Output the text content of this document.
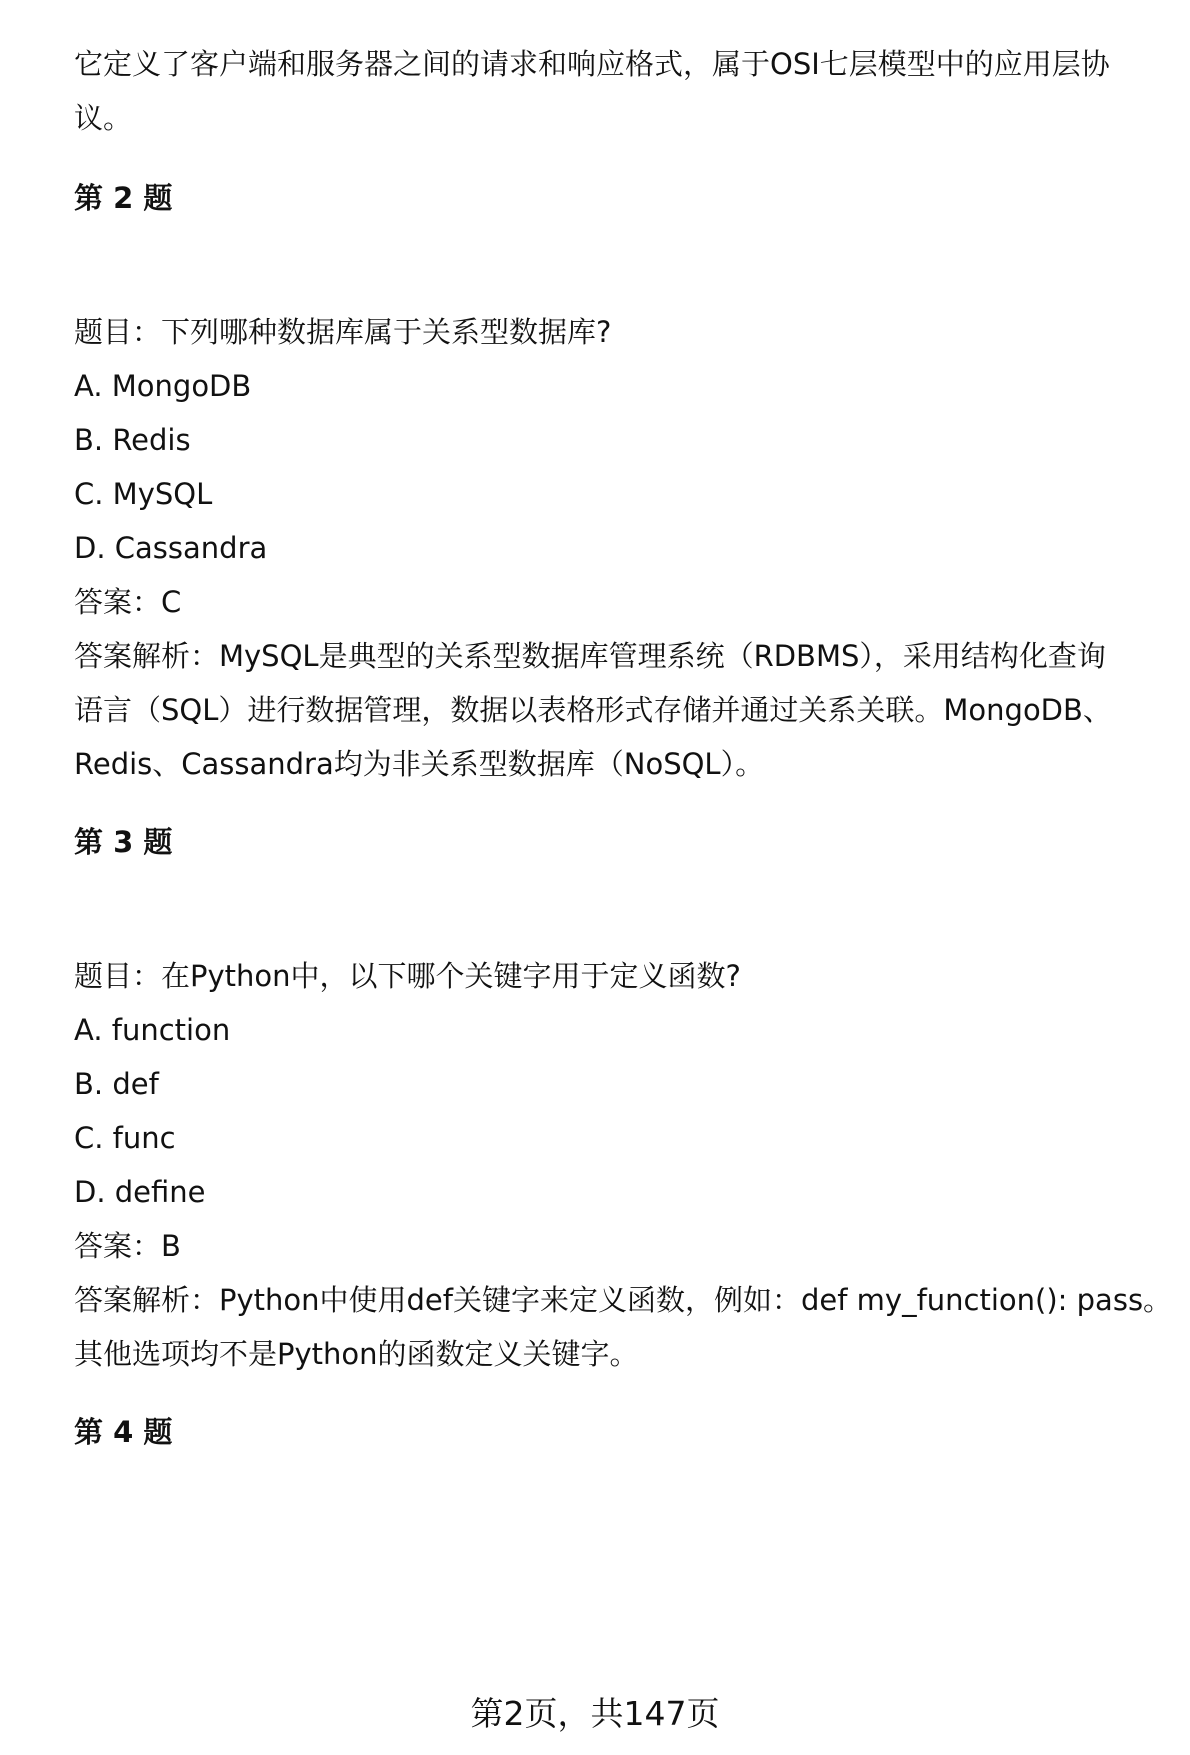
它定义了客户端和服务器之间的请求和响应格式，属于OSI七层模型中的应用层协
议。
第 2 题
题目：下列哪种数据库属于关系型数据库?
A. MongoDB
B. Redis
C. MySQL
D. Cassandra
答案：C
答案解析：MySQL是典型的关系型数据库管理系统（RDBMS），采用结构化查询
语言（SQL）进行数据管理，数据以表格形式存储并通过关系关联。MongoDB、
Redis、Cassandra均为非关系型数据库（NoSQL）。
第 3 题
题目：在Python中，以下哪个关键字用于定义函数?
A. function
B. def
C. func
D. define
答案：B
答案解析：Python中使用def关键字来定义函数，例如：def my_function(): pass。
其他选项均不是Python的函数定义关键字。
第 4 题
第2页，共147页
